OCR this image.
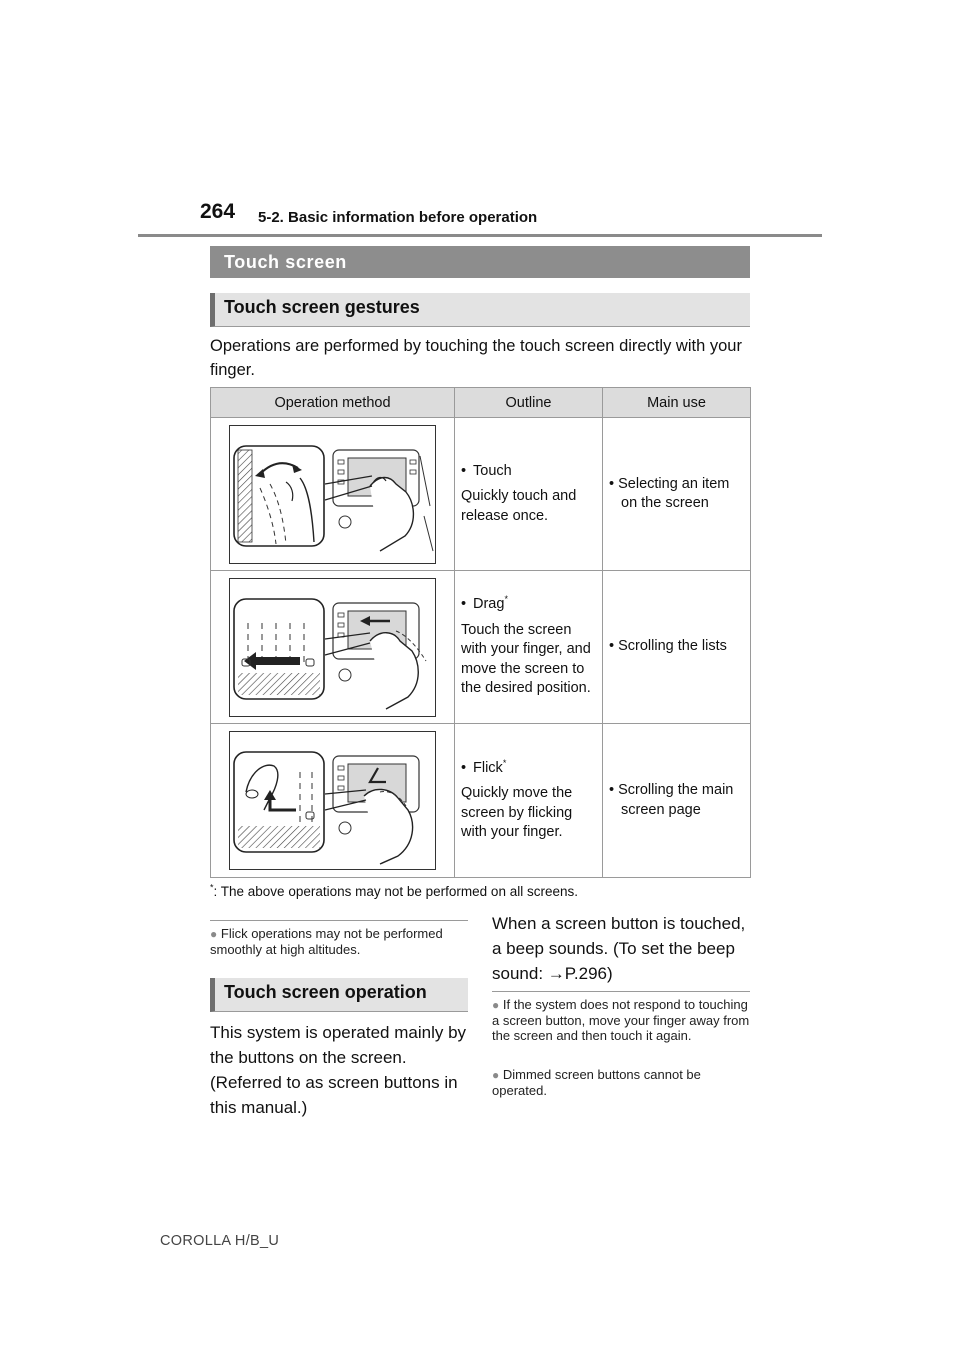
264 5-2. Basic information before operation
Touch screen
Touch screen gestures
Operations are performed by touching the touch screen directly with your finger.
Operation method	Outline	Main use

• Touch
Quickly touch and release once.	• Selecting an item on the screen

• Drag*
Touch the screen with your finger, and move the screen to the desired position.	• Scrolling the lists

• Flick*
Quickly move the screen by flicking with your finger.	• Scrolling the main screen page
*: The above operations may not be performed on all screens.
● Flick operations may not be performed smoothly at high altitudes.
Touch screen operation
This system is operated mainly by the buttons on the screen. (Referred to as screen buttons in this manual.)
When a screen button is touched, a beep sounds. (To set the beep sound: →P.296)
● If the system does not respond to touching a screen button, move your finger away from the screen and then touch it again.
● Dimmed screen buttons cannot be operated.
COROLLA H/B_U
